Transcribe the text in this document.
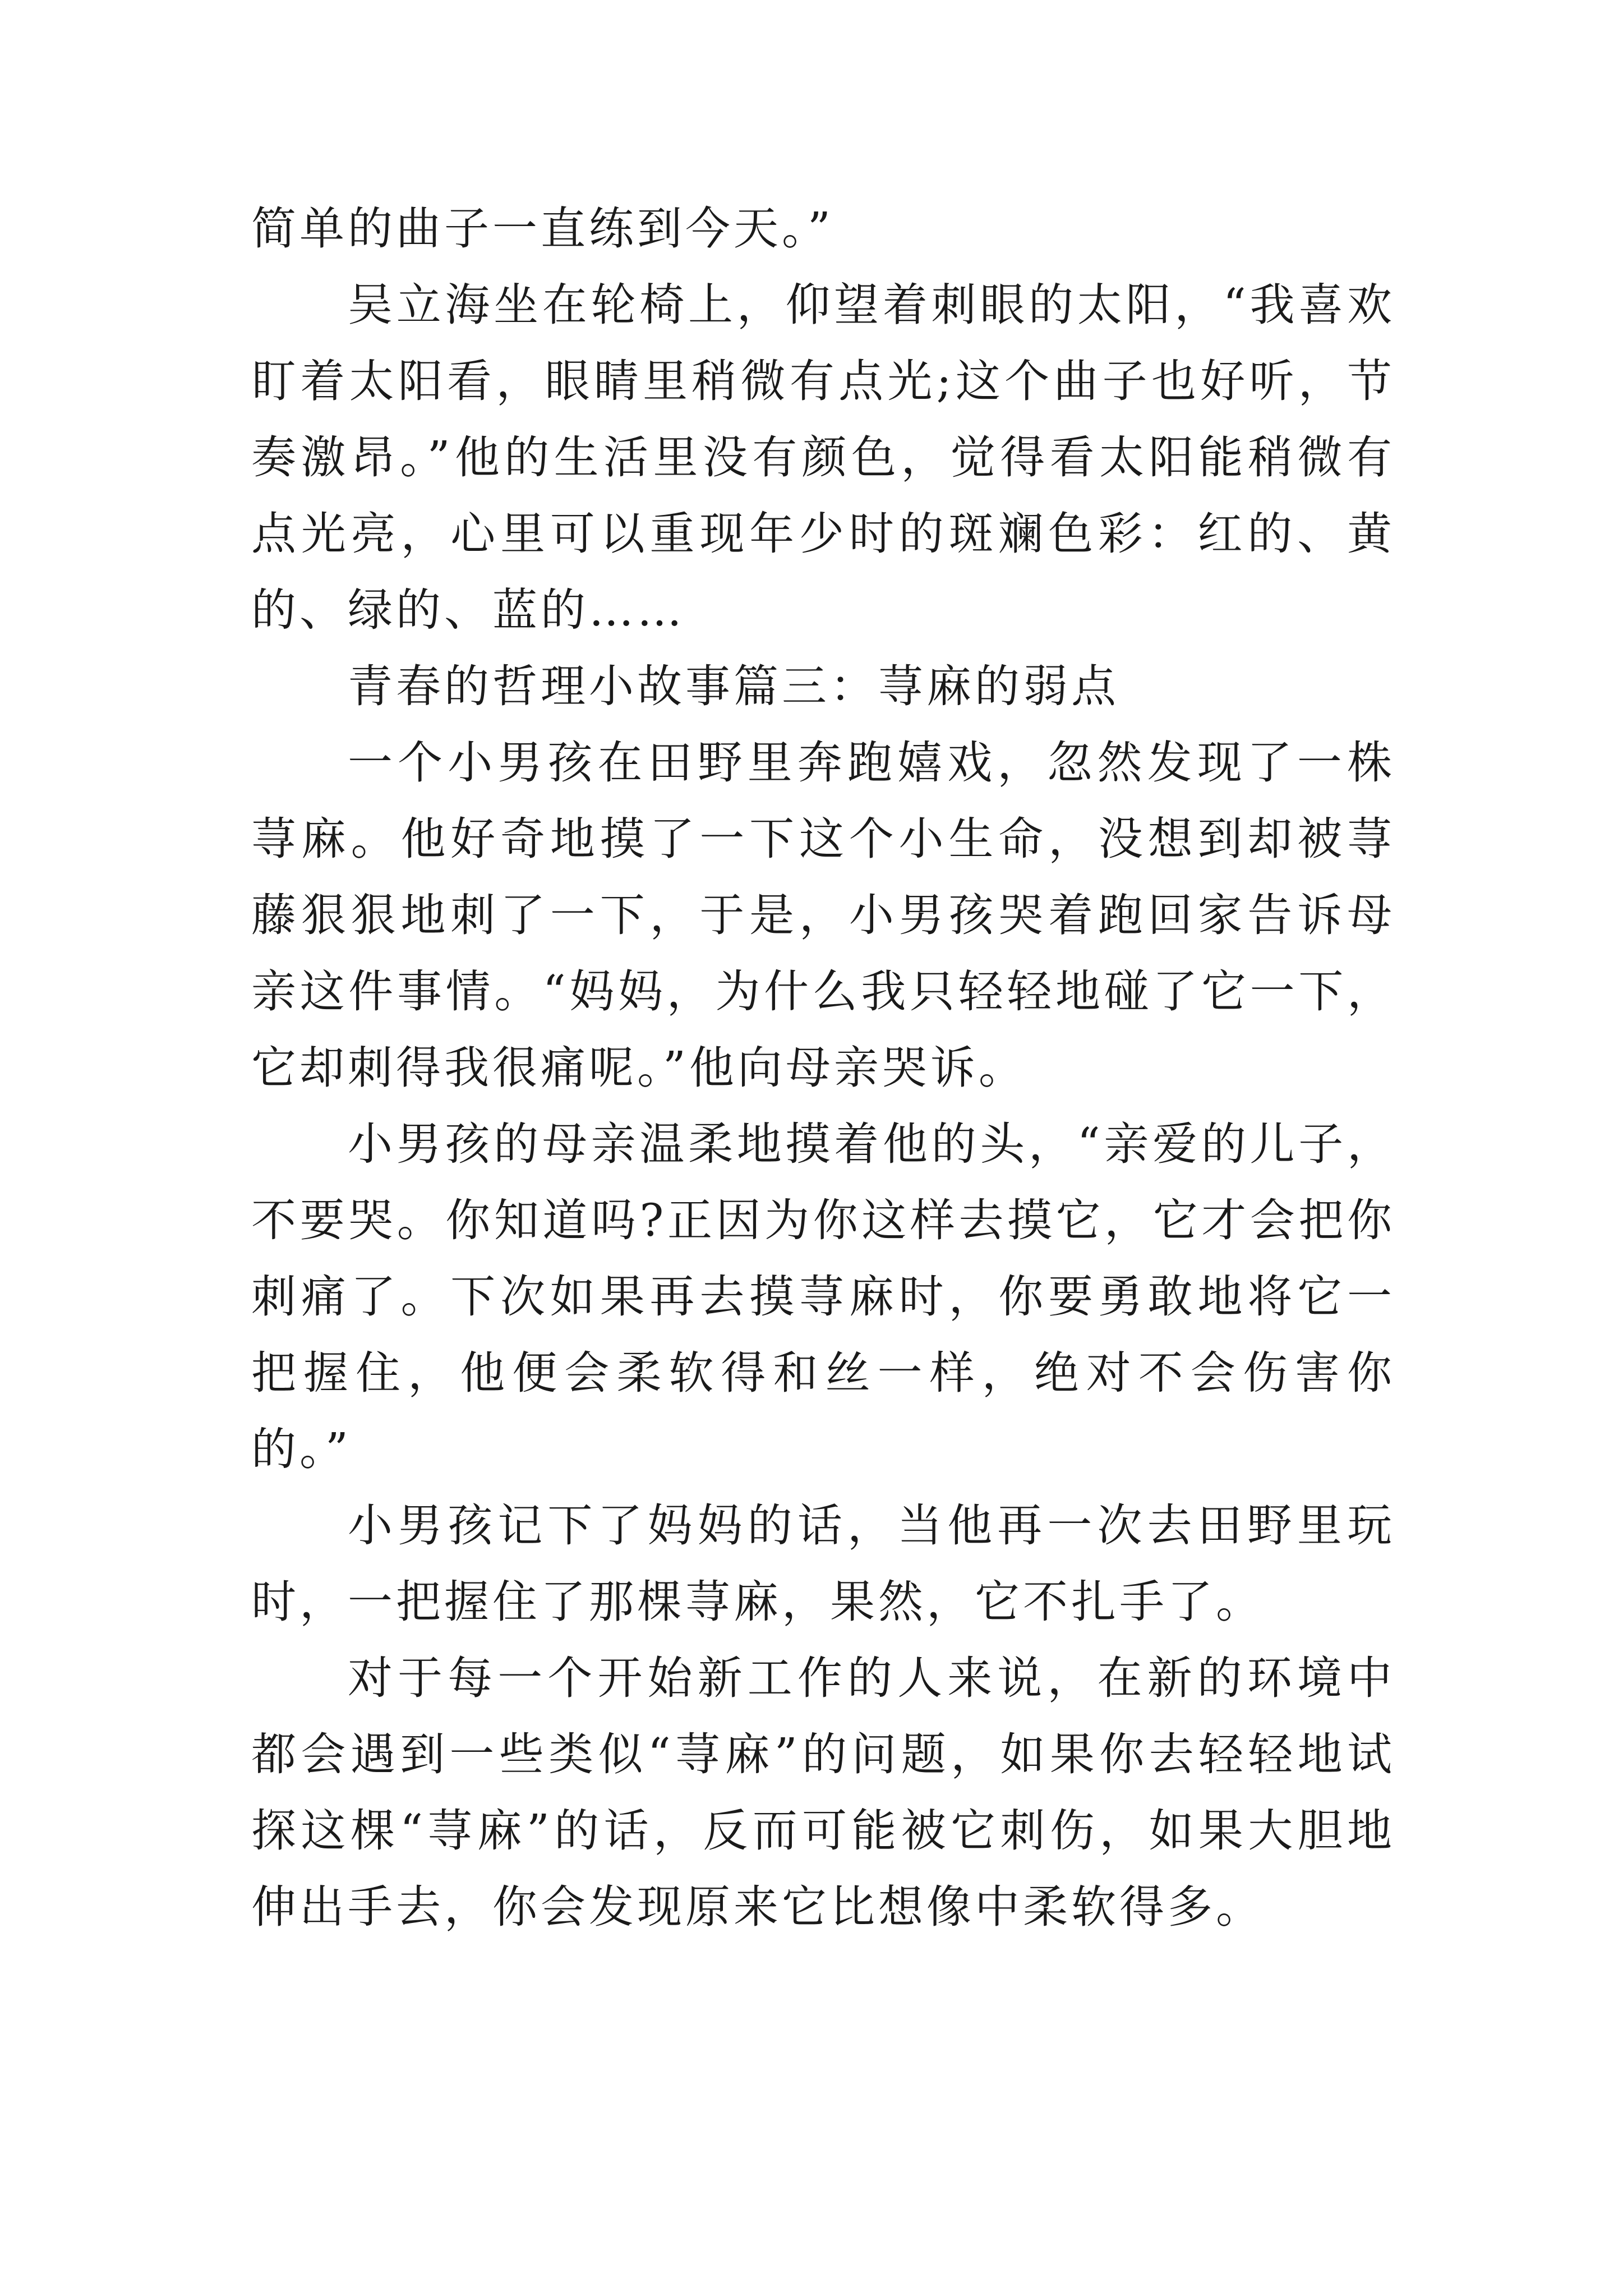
简单的曲子一直练到今天。”

吴立海坐在轮椅上，仰望着刺眼的太阳，“我喜欢盯着太阳看，眼睛里稍微有点光;这个曲子也好听，节奏激昂。”他的生活里没有颜色，觉得看太阳能稍微有点光亮，心里可以重现年少时的斑斓色彩：红的、黄的、绿的、蓝的……

青春的哲理小故事篇三：荨麻的弱点

一个小男孩在田野里奔跑嬉戏，忽然发现了一株荨麻。他好奇地摸了一下这个小生命，没想到却被荨藤狠狠地刺了一下，于是，小男孩哭着跑回家告诉母亲这件事情。“妈妈，为什么我只轻轻地碰了它一下，它却刺得我很痛呢。”他向母亲哭诉。

小男孩的母亲温柔地摸着他的头，“亲爱的儿子，不要哭。你知道吗?正因为你这样去摸它，它才会把你刺痛了。下次如果再去摸荨麻时，你要勇敢地将它一把握住，他便会柔软得和丝一样，绝对不会伤害你的。”

小男孩记下了妈妈的话，当他再一次去田野里玩时，一把握住了那棵荨麻，果然，它不扎手了。

对于每一个开始新工作的人来说，在新的环境中都会遇到一些类似“荨麻”的问题，如果你去轻轻地试探这棵“荨麻”的话，反而可能被它刺伤，如果大胆地伸出手去，你会发现原来它比想像中柔软得多。
